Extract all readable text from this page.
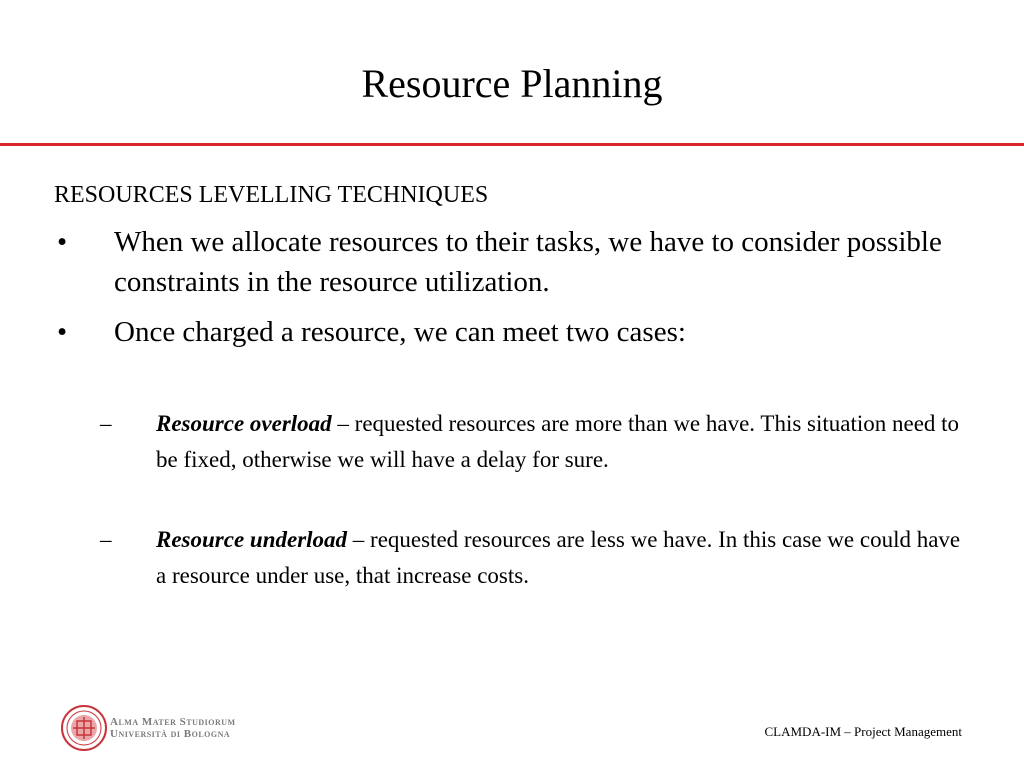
Resource Planning
RESOURCES LEVELLING TECHNIQUES
• When we allocate resources to their tasks, we have to consider possible constraints in the resource utilization.
• Once charged a resource, we can meet two cases:
– Resource overload – requested resources are more than we have. This situation need to be fixed, otherwise we will have a delay for sure.
– Resource underload – requested resources are less we have. In this case we could have a resource under use, that increase costs.
Alma Mater Studiorum
Università di Bologna	CLAMDA-IM – Project Management
